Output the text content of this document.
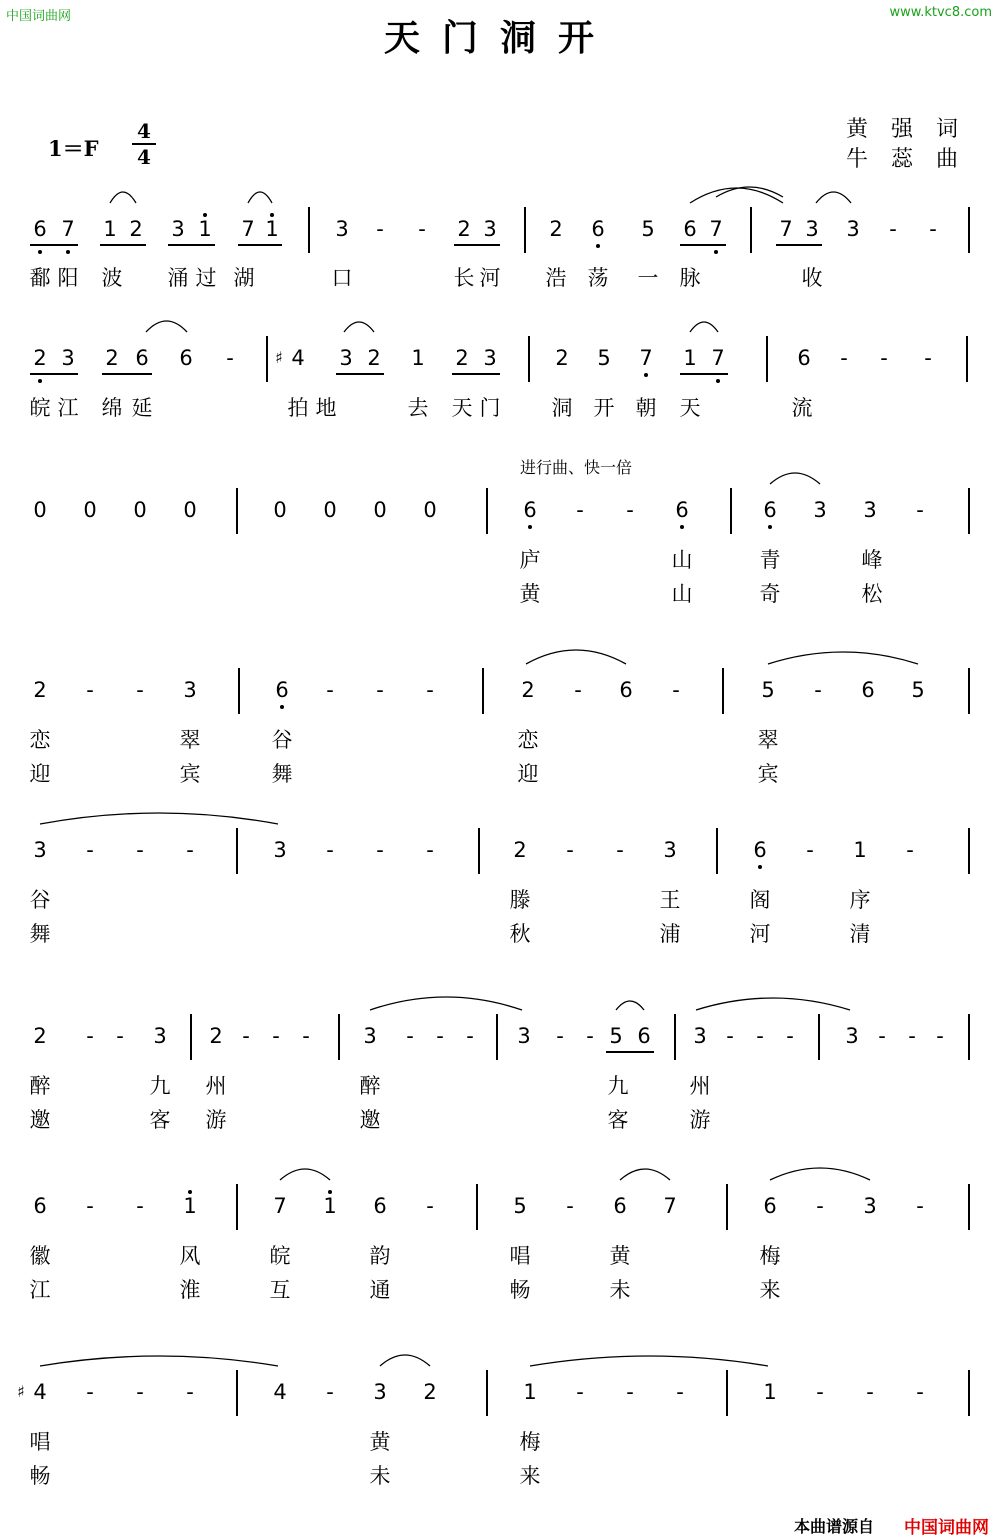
中国词曲网	www.ktvc8.com
天门洞开
1＝F
4
4
黄 强 词
牛 蕊 曲
本曲谱源自 中国词曲网
6 7 1 2 3 1 7 1	3	-	-	2 3	2 6 5 6 7	7 3 3	-	-
鄱 阳 波 涌 过 湖	口	长 河 浩 荡 一 脉	收
2 3 2 6 6	-	♯ 4 3 2 1 2 3	2 5 7 1 7	6	-	-	-
皖 江 绵 延	拍 地	去 天 门 洞 开 朝 天	流
进行曲、快一倍
0 0 0 0	0 0 0 0	6	-	-	6	6 3 3	-
庐	山	青	峰
黄	山	奇	松
2	-	-	3	6	-	-	-	2	-	6	-	5	-	6 5
恋	翠	谷	恋	翠
迎	宾	舞	迎	宾
3	-	-	-	3	-	-	-	2	-	-	3	6	-	1	-
谷	滕	王	阁	序
舞	秋	浦	河	清
2	-	-	3 2 -	-	-	3	-	-	-	3	-	- 5 6 3 -	-	-	3 -	- -
醉	九 州	醉	九	州
邀	客 游	邀	客	游
6	-	-	1	7 1 6	-	5	-	6 7	6	-	3	-
徽	风	皖	韵	唱	黄	梅
江	淮	互	通	畅	未	来
♯ 4	-	-	-	4	-	3 2	1	-	-	-	1	-	-	-
唱	黄	梅
畅	未	来
